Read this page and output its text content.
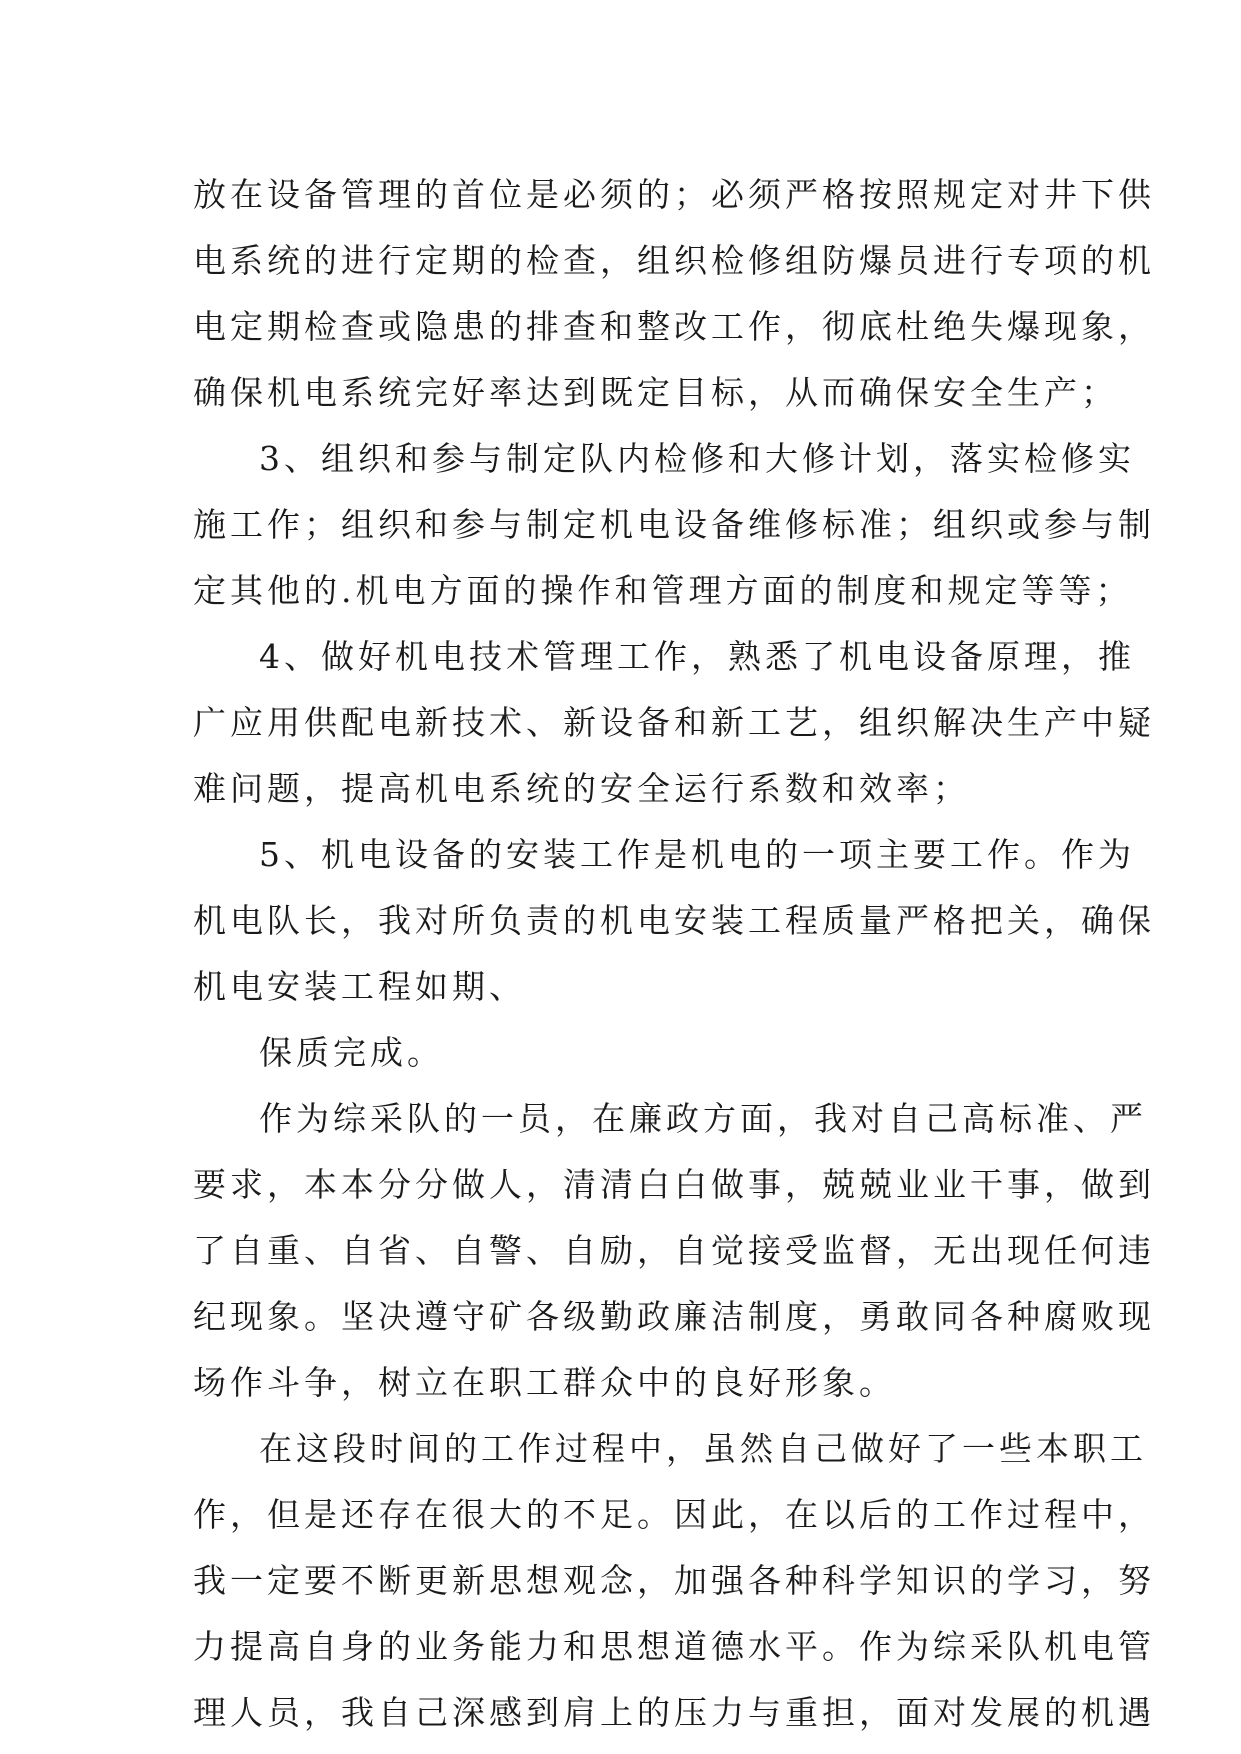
放在设备管理的首位是必须的；必须严格按照规定对井下供
电系统的进行定期的检查，组织检修组防爆员进行专项的机
电定期检查或隐患的排查和整改工作，彻底杜绝失爆现象，
确保机电系统完好率达到既定目标，从而确保安全生产；
3、组织和参与制定队内检修和大修计划，落实检修实
施工作；组织和参与制定机电设备维修标准；组织或参与制
定其他的.机电方面的操作和管理方面的制度和规定等等；
4、做好机电技术管理工作，熟悉了机电设备原理，推
广应用供配电新技术、新设备和新工艺，组织解决生产中疑
难问题，提高机电系统的安全运行系数和效率；
5、机电设备的安装工作是机电的一项主要工作。作为
机电队长，我对所负责的机电安装工程质量严格把关，确保
机电安装工程如期、
保质完成。
作为综采队的一员，在廉政方面，我对自己高标准、严
要求，本本分分做人，清清白白做事，兢兢业业干事，做到
了自重、自省、自警、自励，自觉接受监督，无出现任何违
纪现象。坚决遵守矿各级勤政廉洁制度，勇敢同各种腐败现
场作斗争，树立在职工群众中的良好形象。
在这段时间的工作过程中，虽然自己做好了一些本职工
作，但是还存在很大的不足。因此，在以后的工作过程中，
我一定要不断更新思想观念，加强各种科学知识的学习，努
力提高自身的业务能力和思想道德水平。作为综采队机电管
理人员，我自己深感到肩上的压力与重担，面对发展的机遇
